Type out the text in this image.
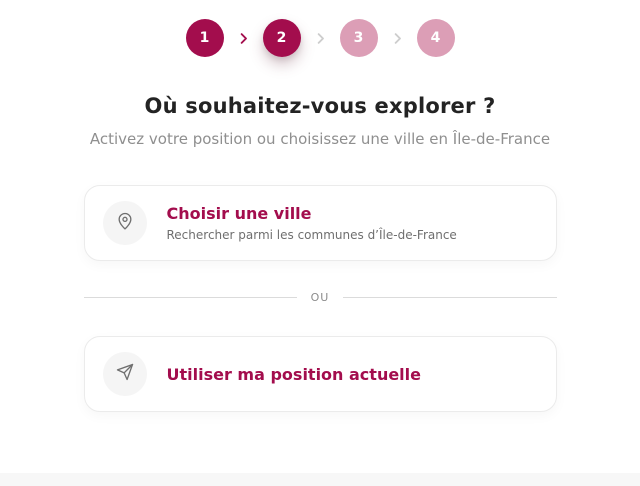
1	2	3	4
Où souhaitez-vous explorer ?
Activez votre position ou choisissez une ville en Île-de-France
Choisir une ville
Rechercher parmi les communes d’Île-de-France
OU
Utiliser ma position actuelle
